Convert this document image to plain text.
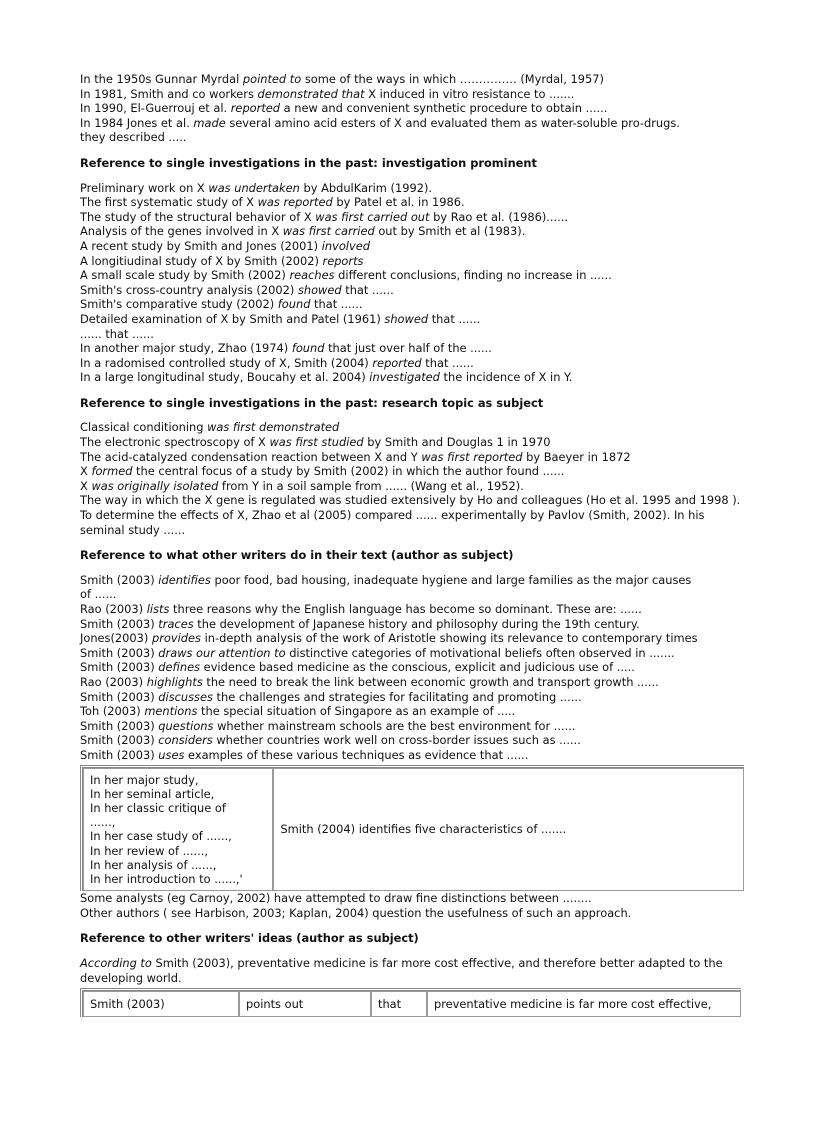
In the 1950s Gunnar Myrdal pointed to some of the ways in which …………… (Myrdal, 1957)
In 1981, Smith and co workers demonstrated that X induced in vitro resistance to .......
In 1990, El-Guerrouj et al. reported a new and convenient synthetic procedure to obtain ......
In 1984 Jones et al. made several amino acid esters of X and evaluated them as water-soluble pro-drugs.
they described .....
Reference to single investigations in the past: investigation prominent
Preliminary work on X was undertaken by AbdulKarim (1992).
The first systematic study of X was reported by Patel et al. in 1986.
The study of the structural behavior of X was first carried out by Rao et al. (1986)......
Analysis of the genes involved in X was first carried out by Smith et al (1983).
A recent study by Smith and Jones (2001) involved
A longitiudinal study of X by Smith (2002) reports
A small scale study by Smith (2002) reaches different conclusions, finding no increase in ......
Smith's cross-country analysis (2002) showed that ......
Smith's comparative study (2002) found that ......
Detailed examination of X by Smith and Patel (1961) showed that ......
...... that ......
In another major study, Zhao (1974) found that just over half of the ......
In a radomised controlled study of X, Smith (2004) reported that ......
In a large longitudinal study, Boucahy et al. 2004) investigated the incidence of X in Y.
Reference to single investigations in the past: research topic as subject
Classical conditioning was first demonstrated
The electronic spectroscopy of X was first studied by Smith and Douglas 1 in 1970
The acid-catalyzed condensation reaction between X and Y was first reported by Baeyer in 1872
X formed the central focus of a study by Smith (2002) in which the author found ......
X was originally isolated from Y in a soil sample from ...... (Wang et al., 1952).
The way in which the X gene is regulated was studied extensively by Ho and colleagues (Ho et al. 1995 and 1998 ).
To determine the effects of X, Zhao et al (2005) compared ...... experimentally by Pavlov (Smith, 2002). In his seminal study ......
Reference to what other writers do in their text (author as subject)
Smith (2003) identifies poor food, bad housing, inadequate hygiene and large families as the major causes
of ......
Rao (2003) lists three reasons why the English language has become so dominant. These are: ......
Smith (2003) traces the development of Japanese history and philosophy during the 19th century.
Jones(2003) provides in-depth analysis of the work of Aristotle showing its relevance to contemporary times
Smith (2003) draws our attention to distinctive categories of motivational beliefs often observed in .......
Smith (2003) defines evidence based medicine as the conscious, explicit and judicious use of .....
Rao (2003) highlights the need to break the link between economic growth and transport growth ......
Smith (2003) discusses the challenges and strategies for facilitating and promoting ......
Toh (2003) mentions the special situation of Singapore as an example of .....
Smith (2003) questions whether mainstream schools are the best environment for ......
Smith (2003) considers whether countries work well on cross-border issues such as ......
Smith (2003) uses examples of these various techniques as evidence that ......
In her major study,
In her seminal article,
In her classic critique of
......,
In her case study of ......,
In her review of ......,
In her analysis of ......,
In her introduction to ......,'
	Smith (2004) identifies five characteristics of .......
Some analysts (eg Carnoy, 2002) have attempted to draw fine distinctions between ........
Other authors ( see Harbison, 2003; Kaplan, 2004) question the usefulness of such an approach.
Reference to other writers' ideas (author as subject)
According to Smith (2003), preventative medicine is far more cost effective, and therefore better adapted to the developing world.
Smith (2003)	points out	that	preventative medicine is far more cost effective,
